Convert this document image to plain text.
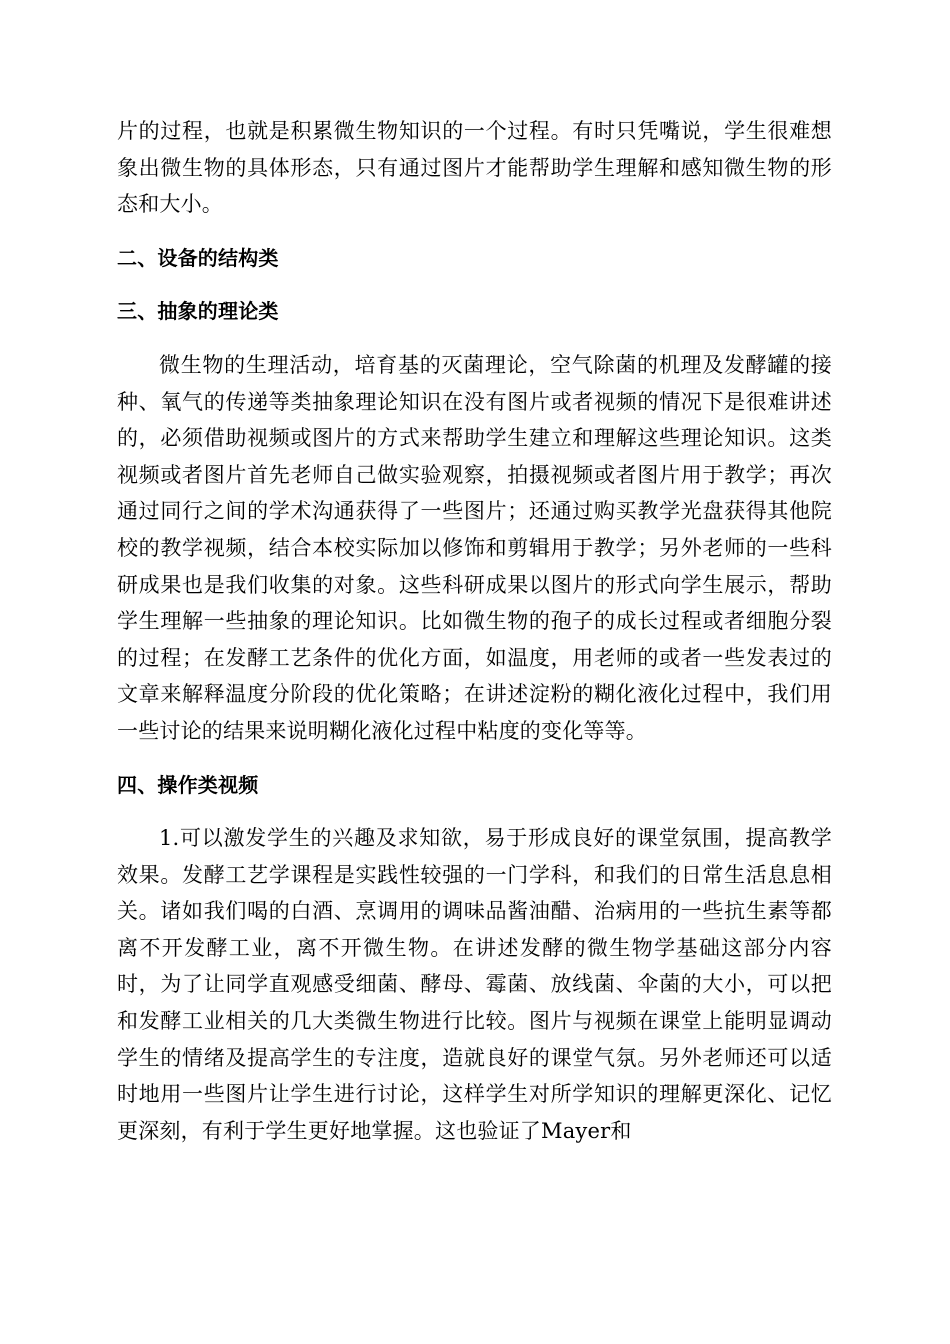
片的过程，也就是积累微生物知识的一个过程。有时只凭嘴说，学生很难想象出微生物的具体形态，只有通过图片才能帮助学生理解和感知微生物的形态和大小。

二、设备的结构类
三、抽象的理论类

微生物的生理活动，培育基的灭菌理论，空气除菌的机理及发酵罐的接种、氧气的传递等类抽象理论知识在没有图片或者视频的情况下是很难讲述的，必须借助视频或图片的方式来帮助学生建立和理解这些理论知识。这类视频或者图片首先老师自己做实验观察，拍摄视频或者图片用于教学；再次通过同行之间的学术沟通获得了一些图片；还通过购买教学光盘获得其他院校的教学视频，结合本校实际加以修饰和剪辑用于教学；另外老师的一些科研成果也是我们收集的对象。这些科研成果以图片的形式向学生展示，帮助学生理解一些抽象的理论知识。比如微生物的孢子的成长过程或者细胞分裂的过程；在发酵工艺条件的优化方面，如温度，用老师的或者一些发表过的文章来解释温度分阶段的优化策略；在讲述淀粉的糊化液化过程中，我们用一些讨论的结果来说明糊化液化过程中粘度的变化等等。

四、操作类视频

1.可以激发学生的兴趣及求知欲，易于形成良好的课堂氛围，提高教学效果。发酵工艺学课程是实践性较强的一门学科，和我们的日常生活息息相关。诸如我们喝的白酒、烹调用的调味品酱油醋、治病用的一些抗生素等都离不开发酵工业，离不开微生物。在讲述发酵的微生物学基础这部分内容时，为了让同学直观感受细菌、酵母、霉菌、放线菌、伞菌的大小，可以把和发酵工业相关的几大类微生物进行比较。图片与视频在课堂上能明显调动学生的情绪及提高学生的专注度，造就良好的课堂气氛。另外老师还可以适时地用一些图片让学生进行讨论，这样学生对所学知识的理解更深化、记忆更深刻，有利于学生更好地掌握。这也验证了Mayer和
